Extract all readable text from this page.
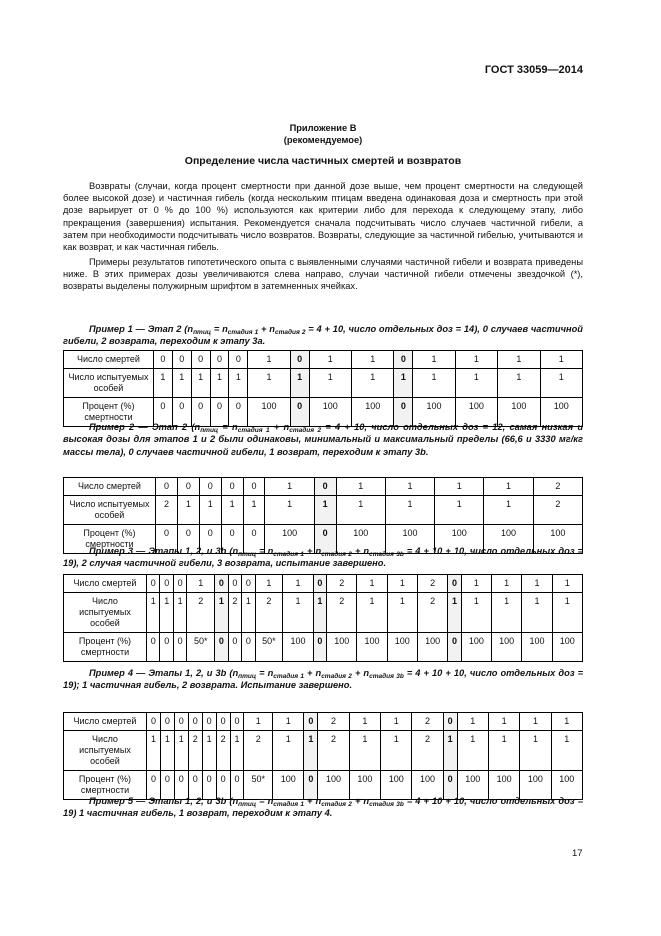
ГОСТ 33059—2014
Приложение В
(рекомендуемое)
Определение числа частичных смертей и возвратов

Возвраты (случаи, когда процент смертности при данной дозе выше, чем процент смертности на следующей более высокой дозе) и частичная гибель (когда нескольким птицам введена одинаковая доза и смертность при этой дозе варьирует от 0 % до 100 %) используются как критерии либо для перехода к следующему этапу, либо прекращения (завершения) испытания. Рекомендуется сначала подсчитывать число случаев частичной гибели, а затем при необходимости подсчитывать число возвратов. Возвраты, следующие за частичной гибелью, учитываются и как возврат, и как частичная гибель.

Примеры результатов гипотетического опыта с выявленными случаями частичной гибели и возврата приведены ниже. В этих примерах дозы увеличиваются слева направо, случаи частичной гибели отмечены звездочкой (*), возвраты выделены полужирным шрифтом в затемненных ячейках.

Пример 1 — Этап 2 ($n_{птиц} = n_{стадия 1} + n_{стадия 2} = 4 + 10$, число отдельных доз = 14), 0 случаев частичной гибели, 2 возврата, переходим к этапу 3а.

Число смертей	0	0	0	0	0	1	0	1	1	0	1	1	1	1
Число испытуемых особей	1	1	1	1	1	1	1	1	1	1	1	1	1	1
Процент (%) смертности	0	0	0	0	0	100	0	100	100	0	100	100	100	100

Пример 2 — Этап 2 ($n_{птиц} = n_{стадия 1} + n_{стадия 2} = 4 + 10$, число отдельных доз = 12, самая низкая и высокая дозы для этапов 1 и 2 были одинаковы, минимальный и максимальный пределы (66,6 и 3330 мг/кг массы тела), 0 случаев частичной гибели, 1 возврат, переходим к этапу 3b.

Число смертей	0	0	0	0	0	1	0	1	1	1	1	2
Число испытуемых особей	2	1	1	1	1	1	1	1	1	1	1	2
Процент (%) смертности	0	0	0	0	0	100	0	100	100	100	100	100

Пример 3 — Этапы 1, 2, и 3b ($n_{птиц} = n_{стадия 1} + n_{стадия 2} + n_{стадия 3b} = 4 + 10 + 10$, число отдельных доз = 19), 2 случая частичной гибели, 3 возврата, испытание завершено.

Число смертей	0	0	0	1	0	0	0	1	1	0	2	1	1	2	0	1	1	1	1
Число испытуемых особей	1	1	1	2	1	2	1	2	1	1	2	1	1	2	1	1	1	1	1
Процент (%) смертности	0	0	0	50*	0	0	0	50*	100	0	100	100	100	100	0	100	100	100	100

Пример 4 — Этапы 1, 2, и 3b ($n_{птиц} = n_{стадия 1} + n_{стадия 2} + n_{стадия 3b} = 4 + 10 + 10$, число отдельных доз = 19); 1 частичная гибель, 2 возврата. Испытание завершено.

Число смертей	0	0	0	0	0	0	0	1	1	0	2	1	1	2	0	1	1	1	1
Число испытуемых особей	1	1	1	2	1	2	1	2	1	1	2	1	1	2	1	1	1	1	1
Процент (%) смертности	0	0	0	0	0	0	0	50*	100	0	100	100	100	100	0	100	100	100	100

Пример 5 — Этапы 1, 2, и 3b ($n_{птиц} = n_{стадия 1} + n_{стадия 2} + n_{стадия 3b} = 4 + 10 + 10$, число отдельных доз = 19) 1 частичная гибель, 1 возврат, переходим к этапу 4.

17
